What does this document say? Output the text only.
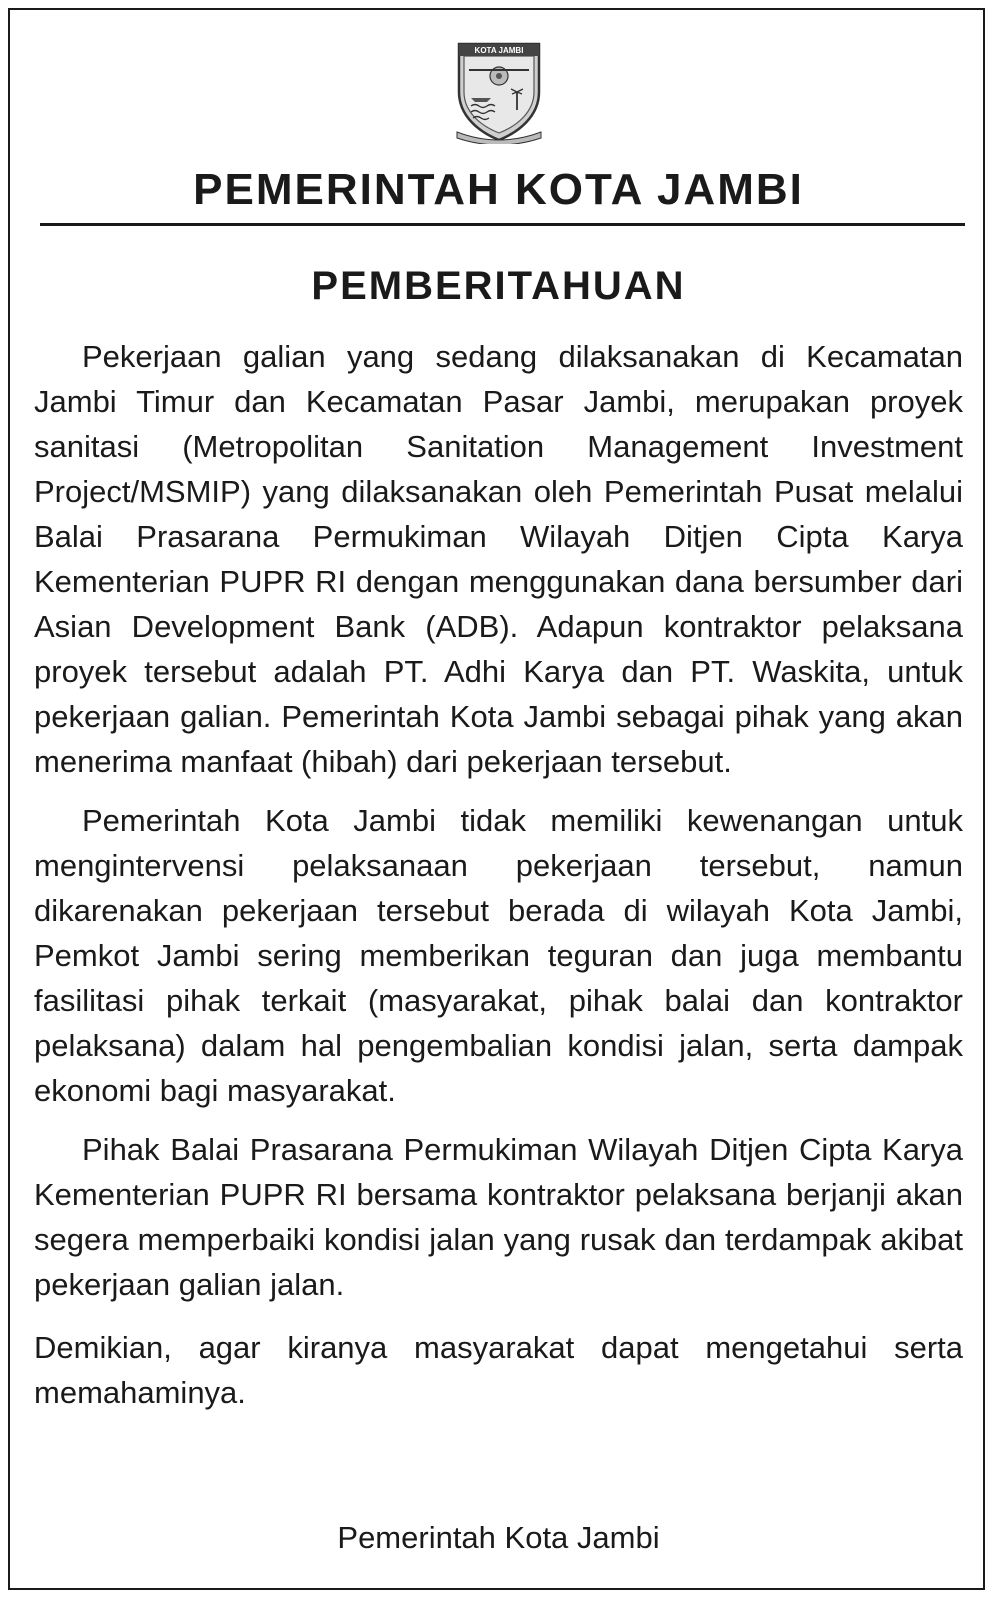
KOTA JAMBI
PEMERINTAH KOTA JAMBI
PEMBERITAHUAN

Pekerjaan galian yang sedang dilaksanakan di Kecamatan Jambi Timur dan Kecamatan Pasar Jambi, merupakan proyek sanitasi (Metropolitan Sanitation Management Investment Project/MSMIP) yang dilaksanakan oleh Pemerintah Pusat melalui Balai Prasarana Permukiman Wilayah Ditjen Cipta Karya Kementerian PUPR RI dengan menggunakan dana bersumber dari Asian Development Bank (ADB). Adapun kontraktor pelaksana proyek tersebut adalah PT. Adhi Karya dan PT. Waskita, untuk pekerjaan galian. Pemerintah Kota Jambi sebagai pihak yang akan menerima manfaat (hibah) dari pekerjaan tersebut.

Pemerintah Kota Jambi tidak memiliki kewenangan untuk mengintervensi pelaksanaan pekerjaan tersebut, namun dikarenakan pekerjaan tersebut berada di wilayah Kota Jambi, Pemkot Jambi sering memberikan teguran dan juga membantu fasilitasi pihak terkait (masyarakat, pihak balai dan kontraktor pelaksana) dalam hal pengembalian kondisi jalan, serta dampak ekonomi bagi masyarakat.

Pihak Balai Prasarana Permukiman Wilayah Ditjen Cipta Karya Kementerian PUPR RI bersama kontraktor pelaksana berjanji akan segera memperbaiki kondisi jalan yang rusak dan terdampak akibat pekerjaan galian jalan.

Demikian, agar kiranya masyarakat dapat mengetahui serta memahaminya.

Pemerintah Kota Jambi
